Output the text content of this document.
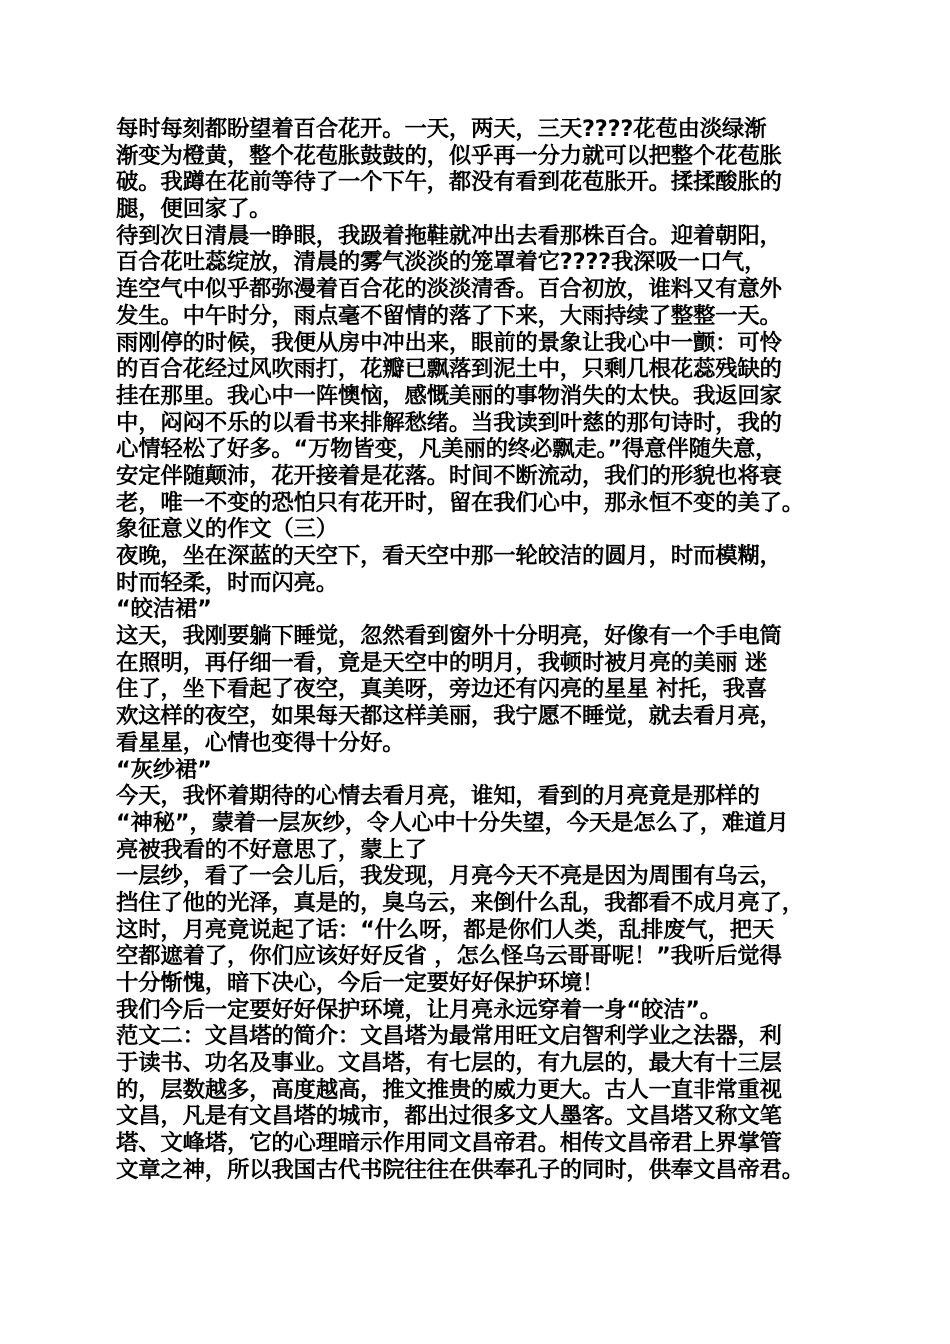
每时每刻都盼望着百合花开。一天，两天，三天????花苞由淡绿渐
渐变为橙黄，整个花苞胀鼓鼓的，似乎再一分力就可以把整个花苞胀
破。我蹲在花前等待了一个下午，都没有看到花苞胀开。揉揉酸胀的
腿，便回家了。
待到次日清晨一睁眼，我趿着拖鞋就冲出去看那株百合。迎着朝阳，
百合花吐蕊绽放，清晨的雾气淡淡的笼罩着它????我深吸一口气，
连空气中似乎都弥漫着百合花的淡淡清香。百合初放，谁料又有意外
发生。中午时分，雨点毫不留情的落了下来，大雨持续了整整一天。
雨刚停的时候，我便从房中冲出来，眼前的景象让我心中一颤：可怜
的百合花经过风吹雨打，花瓣已飘落到泥土中，只剩几根花蕊残缺的
挂在那里。我心中一阵懊恼，感慨美丽的事物消失的太快。我返回家
中，闷闷不乐的以看书来排解愁绪。当我读到叶慈的那句诗时，我的
心情轻松了好多。“万物皆变，凡美丽的终必飘走。”得意伴随失意，
安定伴随颠沛，花开接着是花落。时间不断流动，我们的形貌也将衰
老，唯一不变的恐怕只有花开时，留在我们心中，那永恒不变的美了。
象征意义的作文（三）
夜晚，坐在深蓝的天空下，看天空中那一轮皎洁的圆月，时而模糊，
时而轻柔，时而闪亮。
“皎洁裙”
这天，我刚要躺下睡觉，忽然看到窗外十分明亮，好像有一个手电筒
在照明，再仔细一看，竟是天空中的明月，我顿时被月亮的美丽 迷
住了，坐下看起了夜空，真美呀，旁边还有闪亮的星星 衬托，我喜
欢这样的夜空，如果每天都这样美丽，我宁愿不睡觉，就去看月亮，
看星星，心情也变得十分好。
“灰纱裙”
今天，我怀着期待的心情去看月亮，谁知，看到的月亮竟是那样的
“神秘”，蒙着一层灰纱，令人心中十分失望，今天是怎么了，难道月
亮被我看的不好意思了，蒙上了
一层纱，看了一会儿后，我发现，月亮今天不亮是因为周围有乌云，
挡住了他的光泽，真是的，臭乌云，来倒什么乱，我都看不成月亮了，
这时，月亮竟说起了话：“什么呀，都是你们人类，乱排废气，把天
空都遮着了，你们应该好好反省 ，怎么怪乌云哥哥呢！”我听后觉得
十分惭愧，暗下决心，今后一定要好好保护环境！
我们今后一定要好好保护环境，让月亮永远穿着一身“皎洁”。
范文二：文昌塔的简介：文昌塔为最常用旺文启智利学业之法器，利
于读书、功名及事业。文昌塔，有七层的，有九层的，最大有十三层
的，层数越多，高度越高，推文推贵的威力更大。古人一直非常重视
文昌，凡是有文昌塔的城市，都出过很多文人墨客。文昌塔又称文笔
塔、文峰塔，它的心理暗示作用同文昌帝君。相传文昌帝君上界掌管
文章之神，所以我国古代书院往往在供奉孔子的同时，供奉文昌帝君。
